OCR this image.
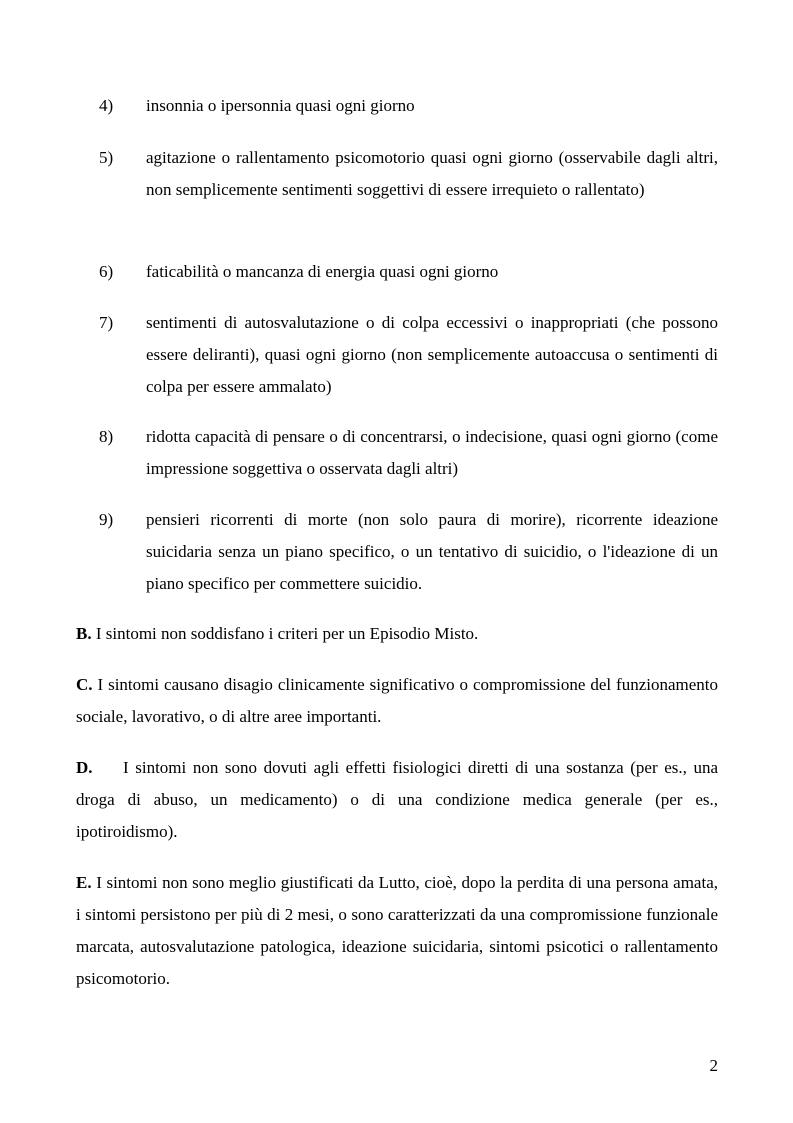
4) insonnia o ipersonnia quasi ogni giorno
5) agitazione o rallentamento psicomotorio quasi ogni giorno (osservabile dagli altri, non semplicemente sentimenti soggettivi di essere irrequieto o rallentato)
6) faticabilità o mancanza di energia quasi ogni giorno
7) sentimenti di autosvalutazione o di colpa eccessivi o inappropriati (che possono essere deliranti), quasi ogni giorno (non semplicemente autoaccusa o sentimenti di colpa per essere ammalato)
8) ridotta capacità di pensare o di concentrarsi, o indecisione, quasi ogni giorno (come impressione soggettiva o osservata dagli altri)
9) pensieri ricorrenti di morte (non solo paura di morire), ricorrente ideazione suicidaria senza un piano specifico, o un tentativo di suicidio, o l'ideazione di un piano specifico per commettere suicidio.
B. I sintomi non soddisfano i criteri per un Episodio Misto.
C. I sintomi causano disagio clinicamente significativo o compromissione del funzionamento sociale, lavorativo, o di altre aree importanti.
D. I sintomi non sono dovuti agli effetti fisiologici diretti di una sostanza (per es., una droga di abuso, un medicamento) o di una condizione medica generale (per es., ipotiroidismo).
E. I sintomi non sono meglio giustificati da Lutto, cioè, dopo la perdita di una persona amata, i sintomi persistono per più di 2 mesi, o sono caratterizzati da una compromissione funzionale marcata, autosvalutazione patologica, ideazione suicidaria, sintomi psicotici o rallentamento psicomotorio.
2
